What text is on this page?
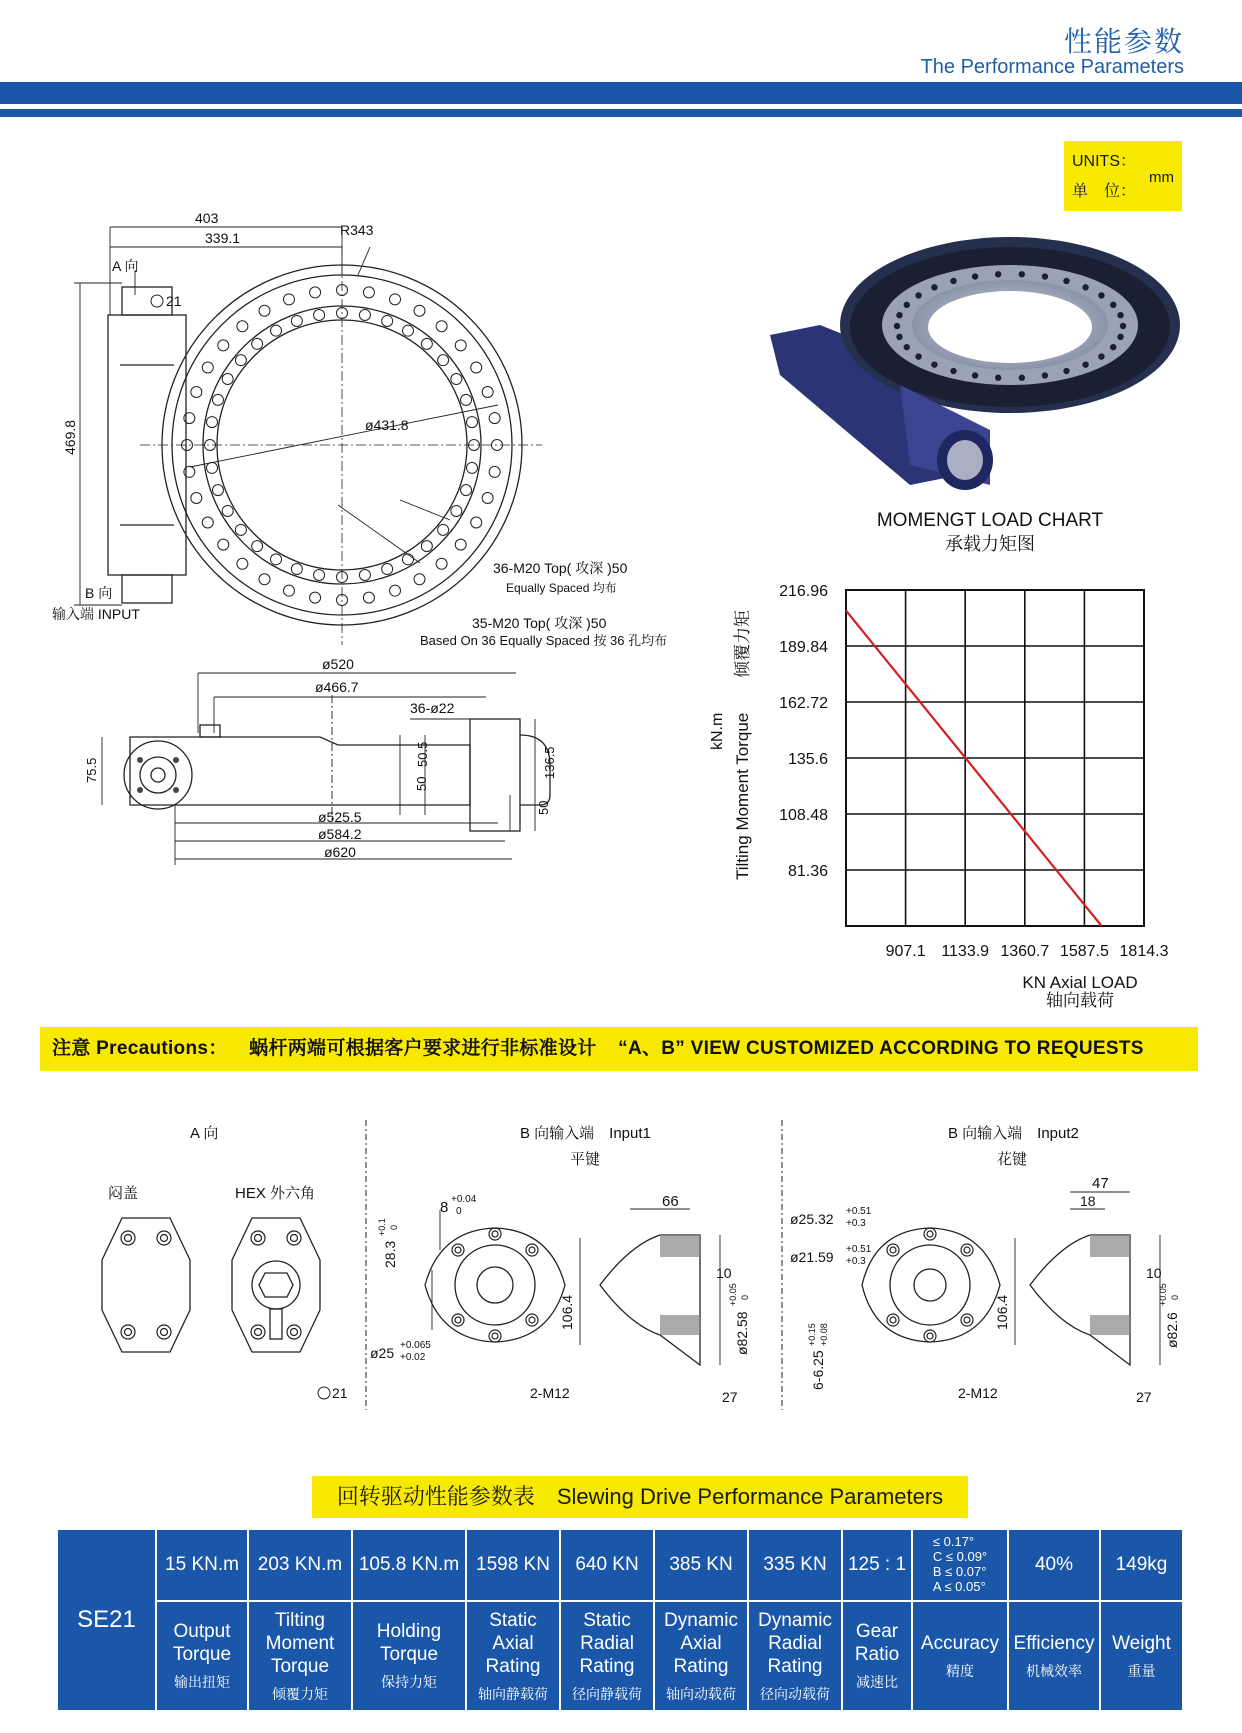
性能参数
The Performance Parameters
UNITS：
单　位：
mm
403
339.1	R343
A 向
21
469.8	ø431.8
36-M20 Top( 攻深 )50
Equally Spaced 均布
35-M20 Top( 攻深 )50
Based On 36 Equally Spaced 按 36 孔均布
B 向
输入端 INPUT
ø520
ø466.7
36-ø22
75.5
50.5
50
136.5
50
ø525.5
ø584.2
ø620
MOMENGT LOAD CHART
承载力矩图
kN.m Tilting Moment Torque
倾覆力矩
907.1 1133.9 1360.7 1587.5 1814.3
216.96
189.84
162.72
135.6
108.48
81.36
KN Axial LOAD
轴向载荷
注意 Precautions： 蜗杆两端可根据客户要求进行非标准设计 “A、B” VIEW CUSTOMIZED ACCORDING TO REQUESTS
A 向
闷盖	HEX 外六角
21
B 向输入端　Input1
平键
8 +0.04
0
28.3
+0.1 0
ø25 +0.065
+0.02
106.4
2-M12
66
10
ø82.58
+0.05 0
27
B 向输入端　Input2
花键
ø25.32 +0.51
+0.3
ø21.59 +0.51
+0.3
6-6.25
+0.15 +0.08
106.4
2-M12
47
18
10
ø82.6
+0.05 0
27
回转驱动性能参数表　Slewing Drive Performance Parameters
SE21	15 KN.m	203 KN.m	105.8 KN.m	1598 KN	640 KN	385 KN	335 KN	125 : 1	≤ 0.17°
C ≤ 0.09°
B ≤ 0.07°
A ≤ 0.05°	40%	149kg

	Output
Torque
输出扭矩	Tilting
Moment
Torque
倾覆力矩	Holding
Torque
保持力矩	Static
Axial
Rating
轴向静载荷	Static
Radial
Rating
径向静载荷	Dynamic
Axial
Rating
轴向动载荷	Dynamic
Radial
Rating
径向动载荷	Gear
Ratio
减速比	Accuracy
精度	Efficiency
机械效率	Weight
重量
